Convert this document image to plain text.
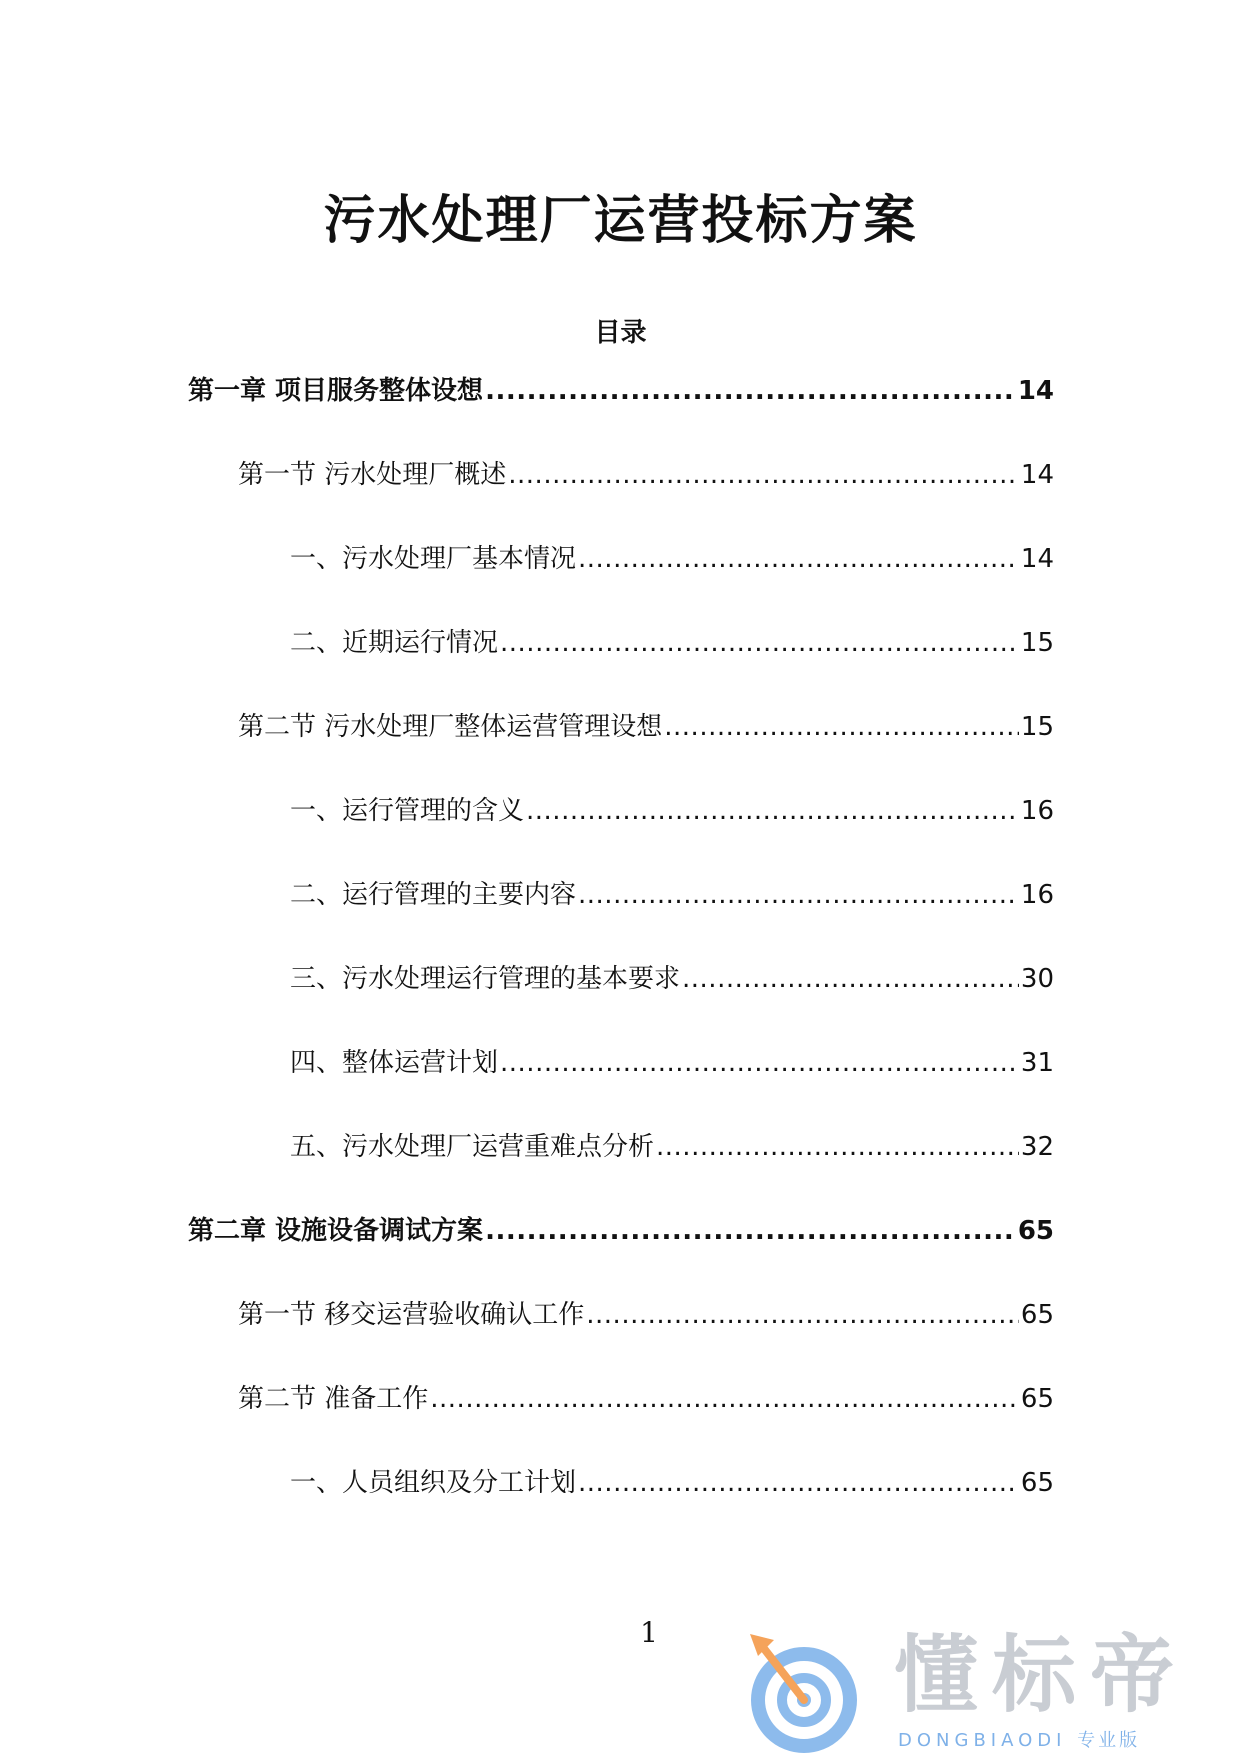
污水处理厂运营投标方案
目录
第一章 项目服务整体设想 .....	14
第一节 污水处理厂概述 .....	14
一、污水处理厂基本情况 .....	14
二、近期运行情况 .....	15
第二节 污水处理厂整体运营管理设想 .....	15
一、运行管理的含义 .....	16
二、运行管理的主要内容 .....	16
三、污水处理运行管理的基本要求 .....	30
四、整体运营计划 .....	31
五、污水处理厂运营重难点分析 .....	32
第二章 设施设备调试方案 .....	65
第一节 移交运营验收确认工作 .....	65
第二节 准备工作 .....	65
一、人员组织及分工计划 .....	65
1	懂标帝
DONGBIAODI 专业版
